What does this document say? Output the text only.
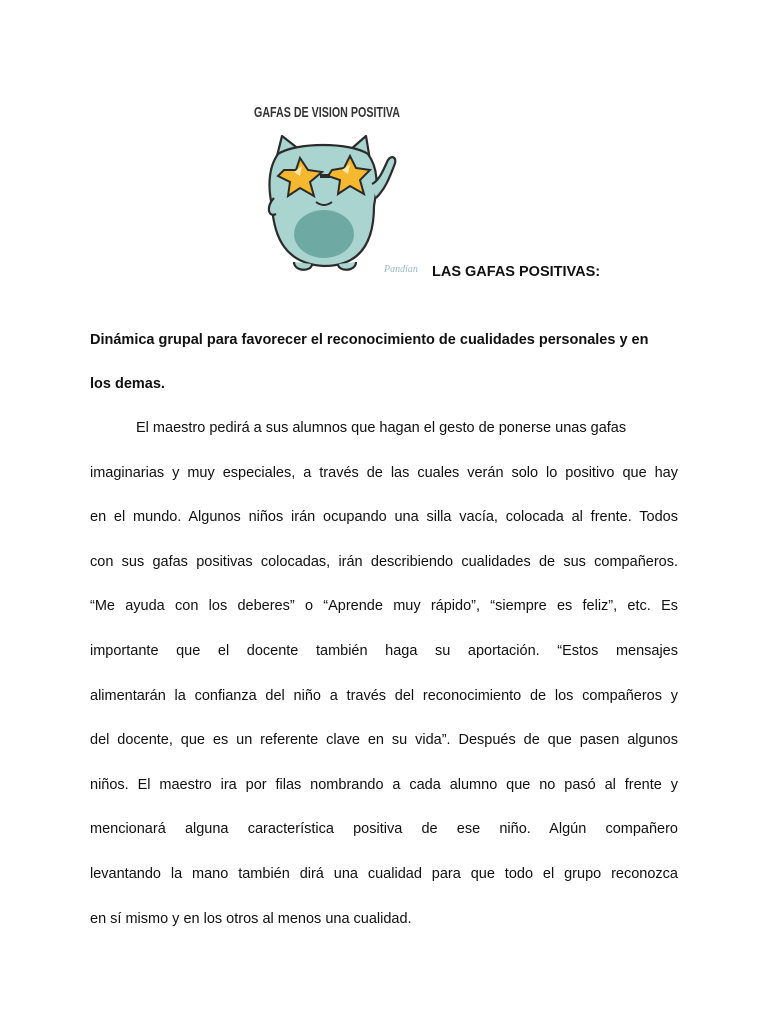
GAFAS DE VISION POSITIVA
Pandian LAS GAFAS POSITIVAS:
Dinámica grupal para favorecer el reconocimiento de cualidades personales y en
los demas.
El maestro pedirá a sus alumnos que hagan el gesto de ponerse unas gafas
imaginarias y muy especiales, a través de las cuales verán solo lo positivo que hay
en el mundo. Algunos niños irán ocupando una silla vacía, colocada al frente. Todos
con sus gafas positivas colocadas, irán describiendo cualidades de sus compañeros.
“Me ayuda con los deberes” o “Aprende muy rápido”, “siempre es feliz”, etc. Es
importante que el docente también haga su aportación. “Estos mensajes
alimentarán la confianza del niño a través del reconocimiento de los compañeros y
del docente, que es un referente clave en su vida”. Después de que pasen algunos
niños. El maestro ira por filas nombrando a cada alumno que no pasó al frente y
mencionará alguna característica positiva de ese niño. Algún compañero
levantando la mano también dirá una cualidad para que todo el grupo reconozca
en sí mismo y en los otros al menos una cualidad.
